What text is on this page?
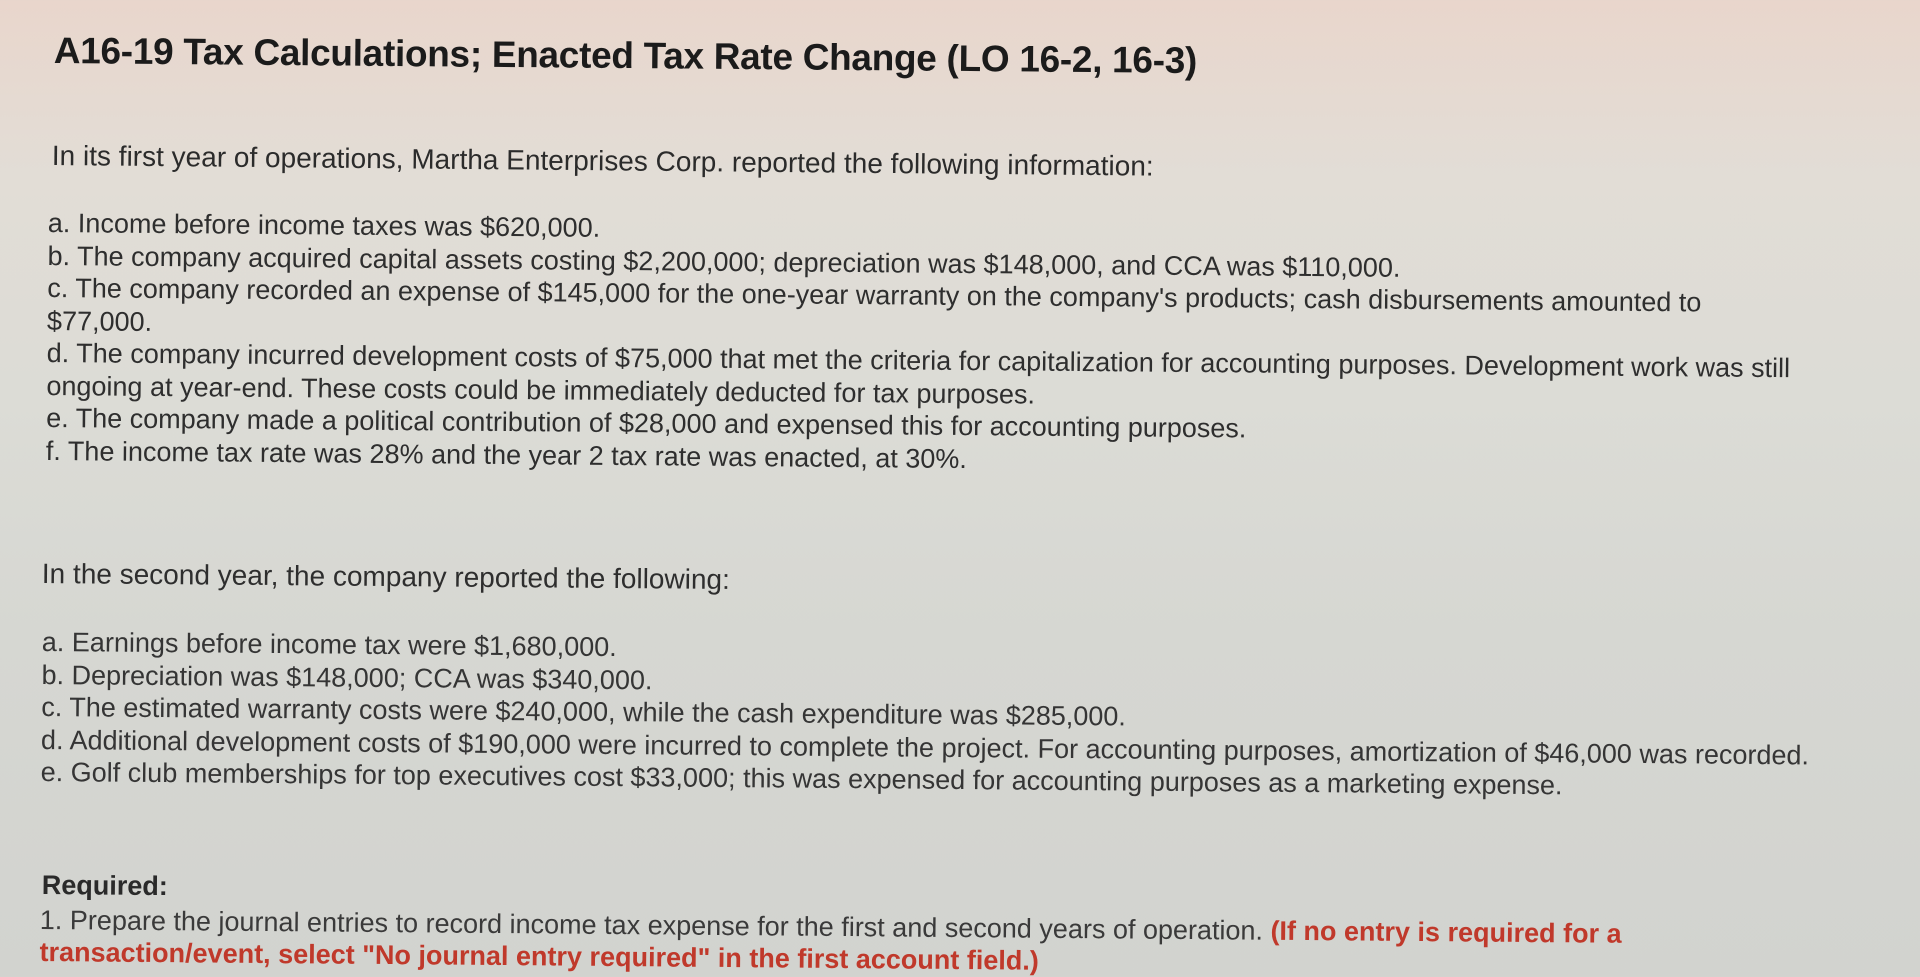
A16-19 Tax Calculations; Enacted Tax Rate Change (LO 16-2, 16-3)
In its first year of operations, Martha Enterprises Corp. reported the following information:
a. Income before income taxes was $620,000.
b. The company acquired capital assets costing $2,200,000; depreciation was $148,000, and CCA was $110,000.
c. The company recorded an expense of $145,000 for the one-year warranty on the company's products; cash disbursements amounted to $77,000.
d. The company incurred development costs of $75,000 that met the criteria for capitalization for accounting purposes. Development work was still ongoing at year-end. These costs could be immediately deducted for tax purposes.
e. The company made a political contribution of $28,000 and expensed this for accounting purposes.
f. The income tax rate was 28% and the year 2 tax rate was enacted, at 30%.
In the second year, the company reported the following:
a. Earnings before income tax were $1,680,000.
b. Depreciation was $148,000; CCA was $340,000.
c. The estimated warranty costs were $240,000, while the cash expenditure was $285,000.
d. Additional development costs of $190,000 were incurred to complete the project. For accounting purposes, amortization of $46,000 was recorded.
e. Golf club memberships for top executives cost $33,000; this was expensed for accounting purposes as a marketing expense.
Required:
1. Prepare the journal entries to record income tax expense for the first and second years of operation. (If no entry is required for a transaction/event, select "No journal entry required" in the first account field.)
